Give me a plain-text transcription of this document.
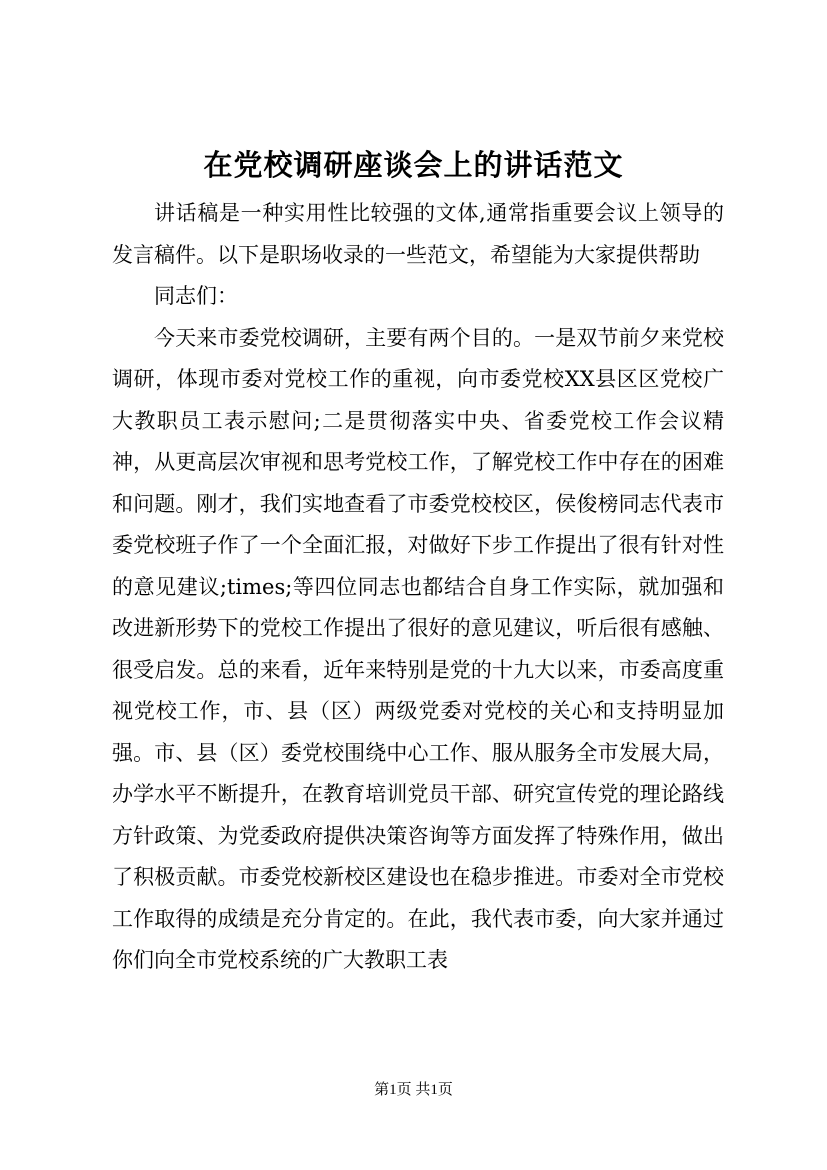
在党校调研座谈会上的讲话范文

讲话稿是一种实用性比较强的文体,通常指重要会议上领导的发言稿件。以下是职场收录的一些范文，希望能为大家提供帮助

同志们：

今天来市委党校调研，主要有两个目的。一是双节前夕来党校调研，体现市委对党校工作的重视，向市委党校XX县区区党校广大教职员工表示慰问;二是贯彻落实中央、省委党校工作会议精神，从更高层次审视和思考党校工作，了解党校工作中存在的困难和问题。刚才，我们实地查看了市委党校校区，侯俊榜同志代表市委党校班子作了一个全面汇报，对做好下步工作提出了很有针对性的意见建议;times;等四位同志也都结合自身工作实际，就加强和改进新形势下的党校工作提出了很好的意见建议，听后很有感触、很受启发。总的来看，近年来特别是党的十九大以来，市委高度重视党校工作，市、县（区）两级党委对党校的关心和支持明显加强。市、县（区）委党校围绕中心工作、服从服务全市发展大局，办学水平不断提升，在教育培训党员干部、研究宣传党的理论路线方针政策、为党委政府提供决策咨询等方面发挥了特殊作用，做出了积极贡献。市委党校新校区建设也在稳步推进。市委对全市党校工作取得的成绩是充分肯定的。在此，我代表市委，向大家并通过你们向全市党校系统的广大教职工表

第1页 共1页
